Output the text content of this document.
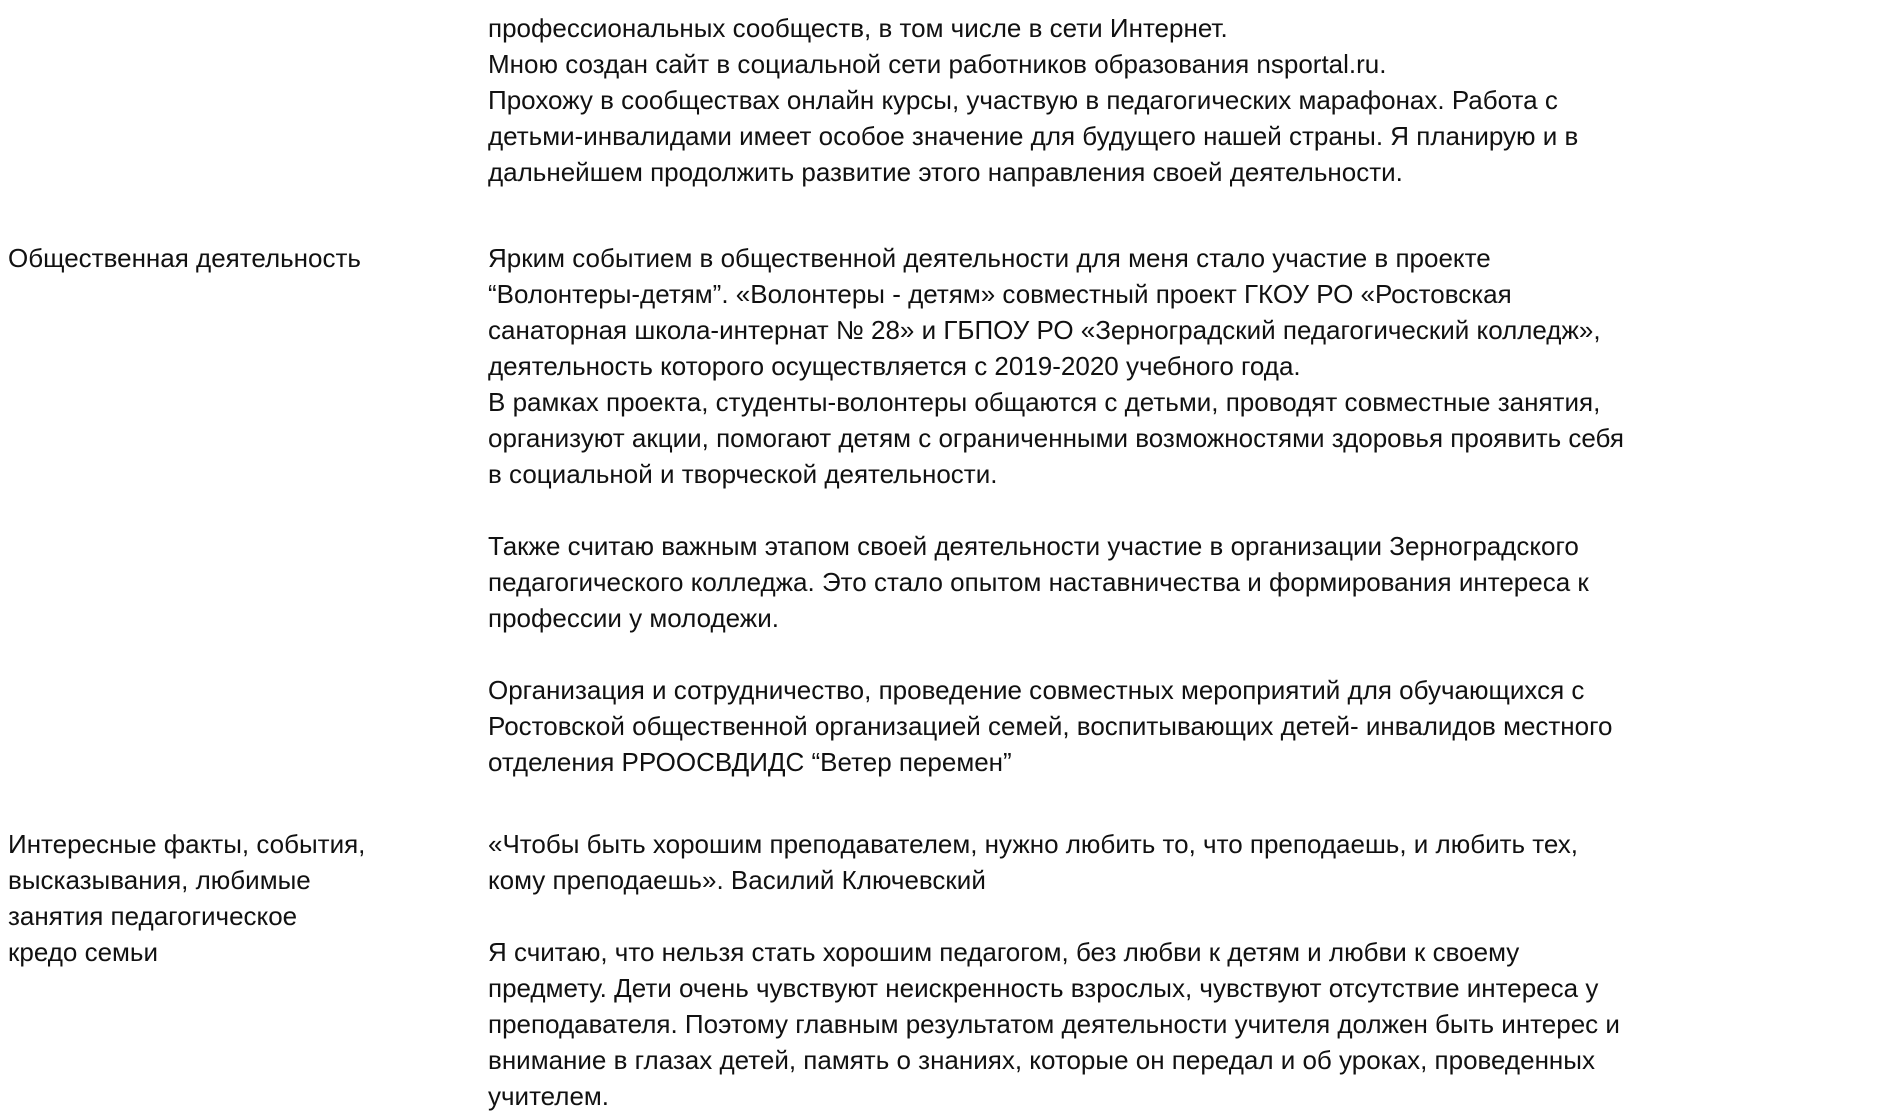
профессиональных сообществ, в том числе в сети Интернет.
Мною создан сайт в социальной сети работников образования nsportal.ru.
Прохожу в сообществах онлайн курсы, участвую в педагогических марафонах. Работа с
детьми-инвалидами имеет особое значение для будущего нашей страны. Я планирую и в
дальнейшем продолжить развитие этого направления своей деятельности.
Общественная деятельность	Ярким событием в общественной деятельности для меня стало участие в проекте
“Волонтеры-детям”. «Волонтеры - детям» совместный проект ГКОУ РО «Ростовская
санаторная школа-интернат № 28» и ГБПОУ РО «Зерноградский педагогический колледж»,
деятельность которого осуществляется с 2019-2020 учебного года.
В рамках проекта, студенты-волонтеры общаются с детьми, проводят совместные занятия,
организуют акции, помогают детям с ограниченными возможностями здоровья проявить себя
в социальной и творческой деятельности.
Также считаю важным этапом своей деятельности участие в организации Зерноградского
педагогического колледжа. Это стало опытом наставничества и формирования интереса к
профессии у молодежи.
Организация и сотрудничество, проведение совместных мероприятий для обучающихся с
Ростовской общественной организацией семей, воспитывающих детей- инвалидов местного
отделения РРООСВДИДС “Ветер перемен”
Интересные факты, события,
высказывания, любимые
занятия педагогическое
кредо семьи
«Чтобы быть хорошим преподавателем, нужно любить то, что преподаешь, и любить тех,
кому преподаешь». Василий Ключевский
Я считаю, что нельзя стать хорошим педагогом, без любви к детям и любви к своему
предмету. Дети очень чувствуют неискренность взрослых, чувствуют отсутствие интереса у
преподавателя. Поэтому главным результатом деятельности учителя должен быть интерес и
внимание в глазах детей, память о знаниях, которые он передал и об уроках, проведенных
учителем.
